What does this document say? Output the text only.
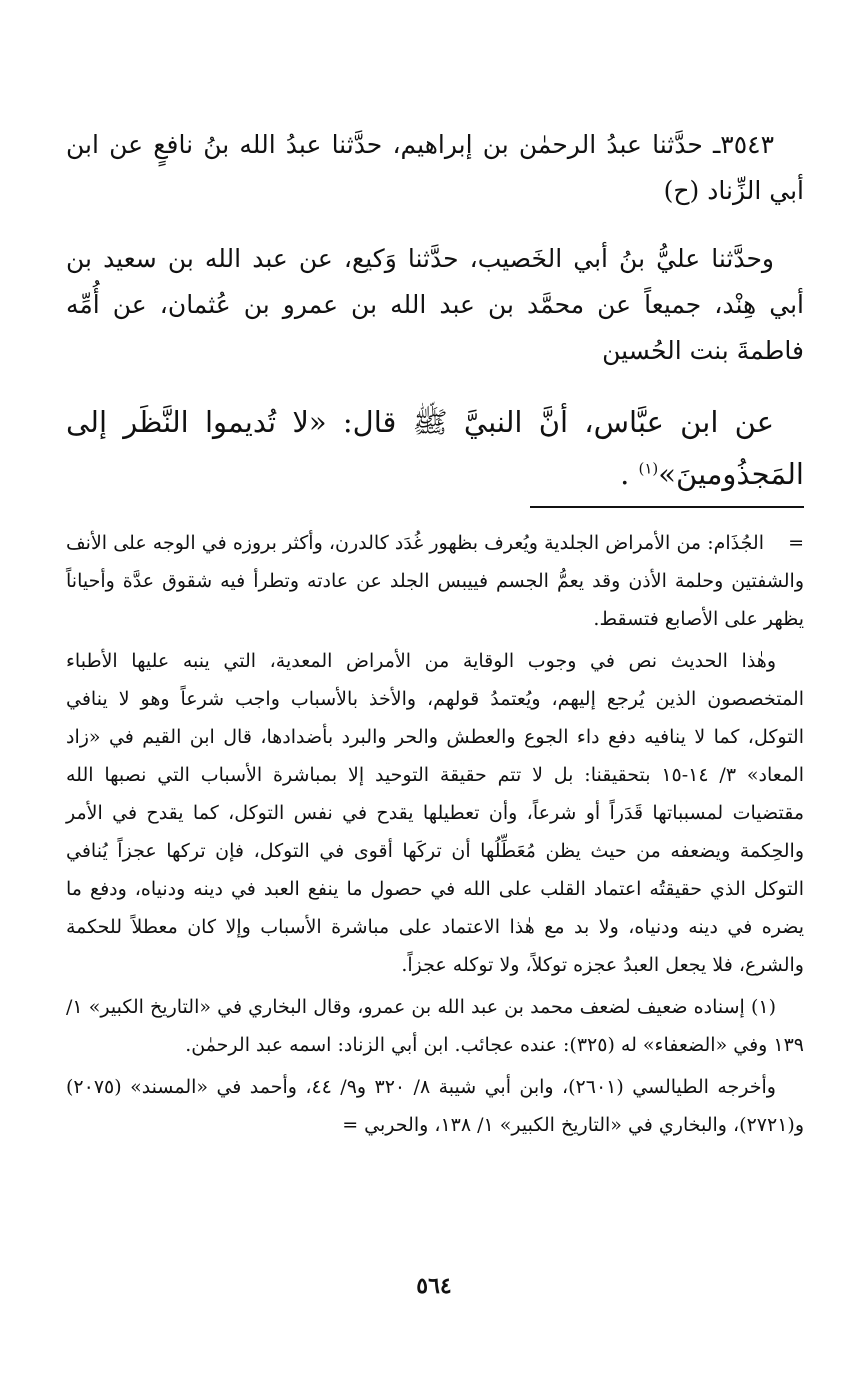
٣٥٤٣ـ حدَّثنا عبدُ الرحمٰن بن إبراهيم، حدَّثنا عبدُ الله بنُ نافعٍ عن ابن أبي الزِّناد (ح)

وحدَّثنا عليُّ بنُ أبي الخَصيب، حدَّثنا وَكيع، عن عبد الله بن سعيد بن أبي هِنْد، جميعاً عن محمَّد بن عبد الله بن عمرو بن عُثمان، عن أُمِّه فاطمةَ بنت الحُسين

عن ابن عبَّاس، أنَّ النبيَّ ﷺ قال: «لا تُديموا النَّظَر إلى المَجذُومينَ»$^{(١)}$ .

=الجُذَام: من الأمراض الجلدية ويُعرف بظهور غُدَد كالدرن، وأكثر بروزه في الوجه على الأنف والشفتين وحلمة الأذن وقد يعمُّ الجسم فييبس الجلد عن عادته وتطرأ فيه شقوق عدَّة وأحياناً يظهر على الأصابع فتسقط.

وهٰذا الحديث نص في وجوب الوقاية من الأمراض المعدية، التي ينبه عليها الأطباء المتخصصون الذين يُرجع إليهم، ويُعتمدُ قولهم، والأخذ بالأسباب واجب شرعاً وهو لا ينافي التوكل، كما لا ينافيه دفع داء الجوع والعطش والحر والبرد بأضدادها، قال ابن القيم في «زاد المعاد» ٣/ ١٤-١٥ بتحقيقنا: بل لا تتم حقيقة التوحيد إلا بمباشرة الأسباب التي نصبها الله مقتضيات لمسبباتها قَدَراً أو شرعاً، وأن تعطيلها يقدح في نفس التوكل، كما يقدح في الأمر والحِكمة ويضعفه من حيث يظن مُعَطِّلُها أن تركَها أقوى في التوكل، فإن تركها عجزاً يُنافي التوكل الذي حقيقتُه اعتماد القلب على الله في حصول ما ينفع العبد في دينه ودنياه، ودفع ما يضره في دينه ودنياه، ولا بد مع هٰذا الاعتماد على مباشرة الأسباب وإلا كان معطلاً للحكمة والشرع، فلا يجعل العبدُ عجزه توكلاً، ولا توكله عجزاً.

(١) إسناده ضعيف لضعف محمد بن عبد الله بن عمرو، وقال البخاري في «التاريخ الكبير» ١/ ١٣٩ وفي «الضعفاء» له (٣٢٥): عنده عجائب. ابن أبي الزناد: اسمه عبد الرحمٰن.

وأخرجه الطيالسي (٢٦٠١)، وابن أبي شيبة ٨/ ٣٢٠ و٩/ ٤٤، وأحمد في «المسند» (٢٠٧٥) و(٢٧٢١)، والبخاري في «التاريخ الكبير» ١/ ١٣٨، والحربي =

٥٦٤
